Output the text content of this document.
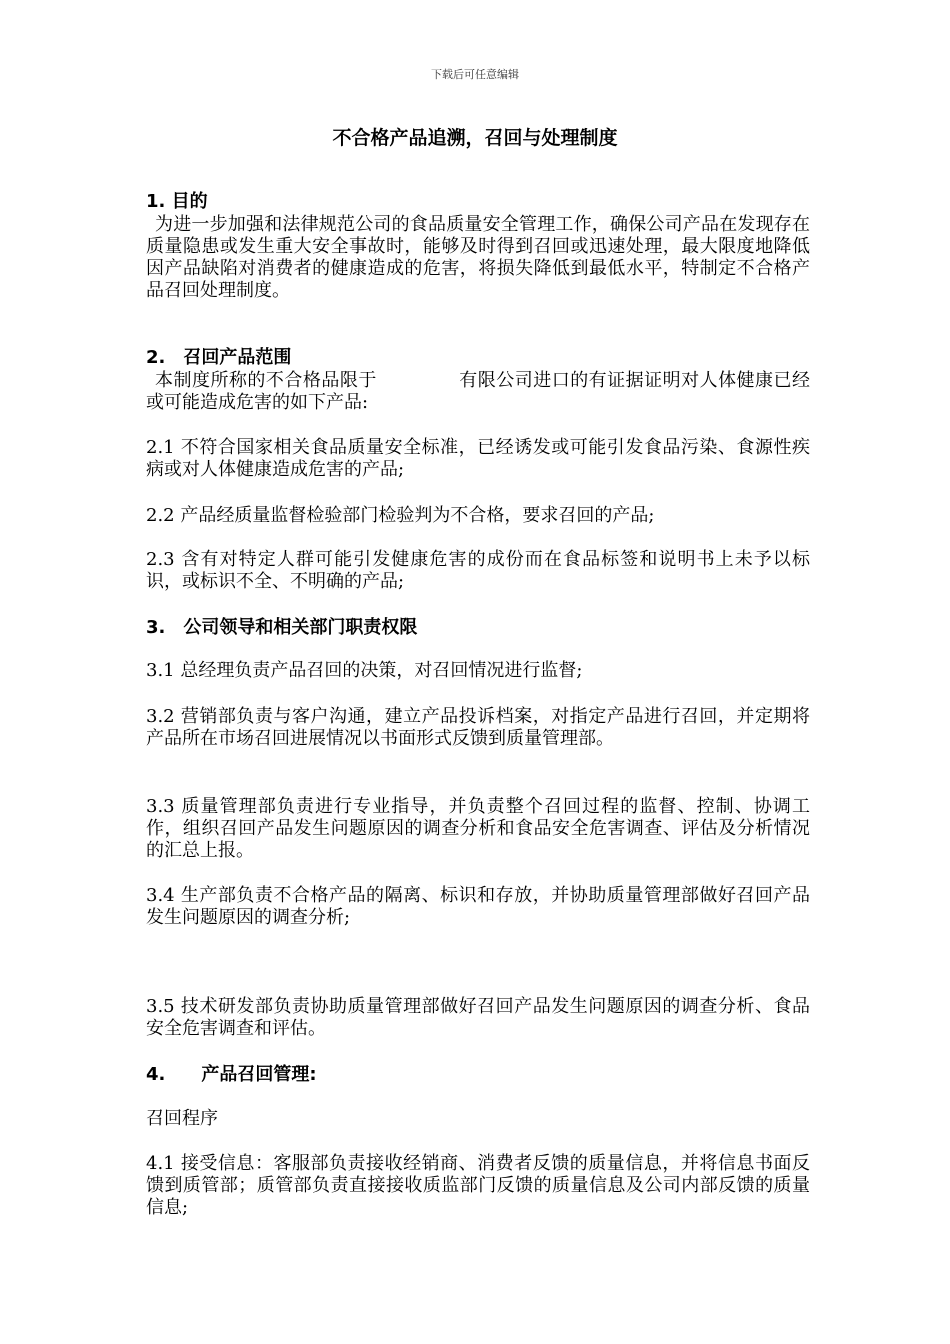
下载后可任意编辑
不合格产品追溯，召回与处理制度
1. 目的
为进一步加强和法律规范公司的食品质量安全管理工作，确保公司产品在发现存在质量隐患或发生重大安全事故时，能够及时得到召回或迅速处理，最大限度地降低因产品缺陷对消费者的健康造成的危害，将损失降低到最低水平，特制定不合格产品召回处理制度。
2.　召回产品范围
本制度所称的不合格品限于	有限公司进口的有证据证明对人体健康已经或可能造成危害的如下产品:
2.1 不符合国家相关食品质量安全标准，已经诱发或可能引发食品污染、食源性疾病或对人体健康造成危害的产品;
2.2 产品经质量监督检验部门检验判为不合格，要求召回的产品;
2.3 含有对特定人群可能引发健康危害的成份而在食品标签和说明书上未予以标识，或标识不全、不明确的产品;
3.　公司领导和相关部门职责权限
3.1 总经理负责产品召回的决策，对召回情况进行监督;
3.2 营销部负责与客户沟通，建立产品投诉档案，对指定产品进行召回，并定期将产品所在市场召回进展情况以书面形式反馈到质量管理部。
3.3 质量管理部负责进行专业指导，并负责整个召回过程的监督、控制、协调工作，组织召回产品发生问题原因的调查分析和食品安全危害调查、评估及分析情况的汇总上报。
3.4 生产部负责不合格产品的隔离、标识和存放，并协助质量管理部做好召回产品发生问题原因的调查分析;
3.5 技术研发部负责协助质量管理部做好召回产品发生问题原因的调查分析、食品安全危害调查和评估。
4.　　产品召回管理:
召回程序
4.1 接受信息：客服部负责接收经销商、消费者反馈的质量信息，并将信息书面反馈到质管部；质管部负责直接接收质监部门反馈的质量信息及公司内部反馈的质量信息;
